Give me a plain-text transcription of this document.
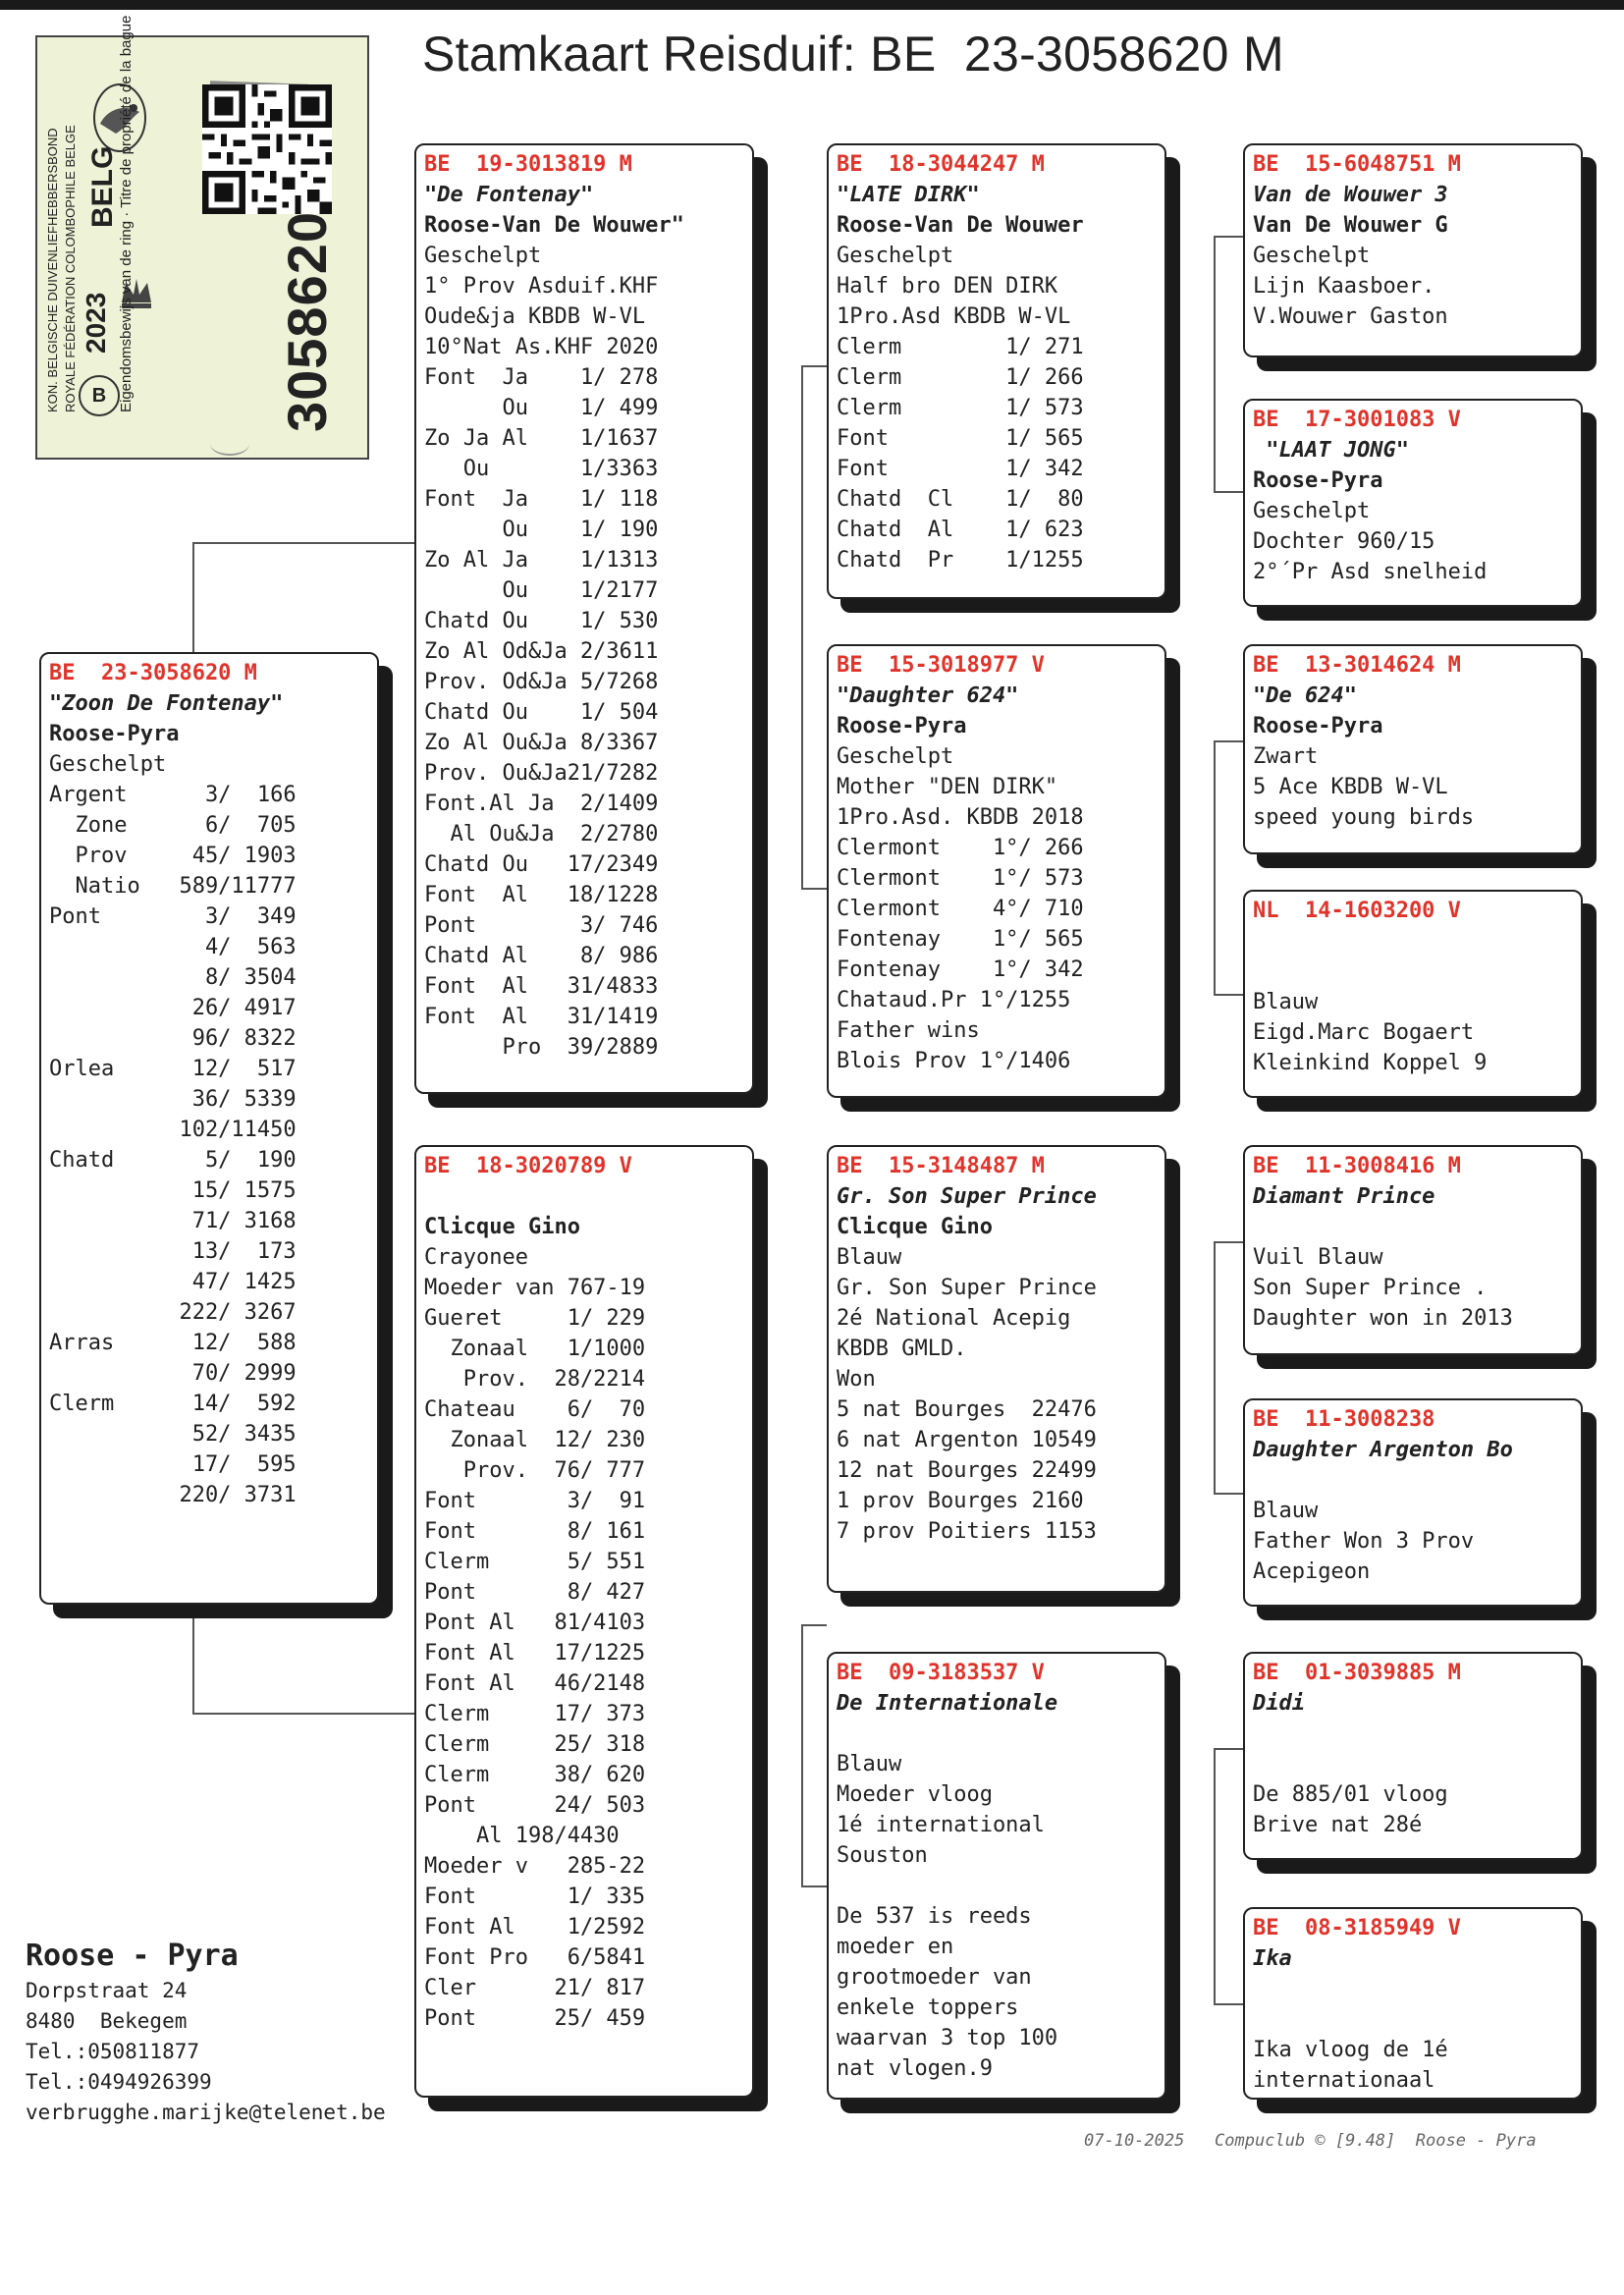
Stamkaart Reisduif: BE  23-3058620 M
B
KON. BELGISCHE DUIVENLIEFHEBBERSBOND ROYALE FÉDÉRATION COLOMBOPHILE BELGE 2023
BELG Eigendomsbewijs van de ring · Titre de propriété de la bague	3058620
BE  23-3058620 M
"Zoon De Fontenay"
Roose-Pyra
Geschelpt
Argent      3/  166
Zone      6/  705
Prov     45/ 1903
Natio   589/11777
Pont        3/  349
4/  563
8/ 3504
26/ 4917
96/ 8322
Orlea      12/  517
36/ 5339
102/11450
Chatd       5/  190
15/ 1575
71/ 3168
13/  173
47/ 1425
222/ 3267
Arras      12/  588
70/ 2999
Clerm      14/  592
52/ 3435
17/  595
220/ 3731
BE  19-3013819 M
"De Fontenay"
Roose-Van De Wouwer"
Geschelpt
1° Prov Asduif.KHF
Oude&ja KBDB W-VL
10°Nat As.KHF 2020
Font  Ja    1/ 278
Ou    1/ 499
Zo Ja Al    1/1637
Ou       1/3363
Font  Ja    1/ 118
Ou    1/ 190
Zo Al Ja    1/1313
Ou    1/2177
Chatd Ou    1/ 530
Zo Al Od&Ja 2/3611
Prov. Od&Ja 5/7268
Chatd Ou    1/ 504
Zo Al Ou&Ja 8/3367
Prov. Ou&Ja21/7282
Font.Al Ja  2/1409
Al Ou&Ja  2/2780
Chatd Ou   17/2349
Font  Al   18/1228
Pont        3/ 746
Chatd Al    8/ 986
Font  Al   31/4833
Font  Al   31/1419
Pro  39/2889
BE  18-3020789 V
Clicque Gino
Crayonee
Moeder van 767-19
Gueret     1/ 229
Zonaal   1/1000
Prov.  28/2214
Chateau    6/  70
Zonaal  12/ 230
Prov.  76/ 777
Font       3/  91
Font       8/ 161
Clerm      5/ 551
Pont       8/ 427
Pont Al   81/4103
Font Al   17/1225
Font Al   46/2148
Clerm     17/ 373
Clerm     25/ 318
Clerm     38/ 620
Pont      24/ 503
Al 198/4430
Moeder v   285-22
Font       1/ 335
Font Al    1/2592
Font Pro   6/5841
Cler      21/ 817
Pont      25/ 459
BE  18-3044247 M
"LATE DIRK"
Roose-Van De Wouwer
Geschelpt
Half bro DEN DIRK
1Pro.Asd KBDB W-VL
Clerm        1/ 271
Clerm        1/ 266
Clerm        1/ 573
Font         1/ 565
Font         1/ 342
Chatd  Cl    1/  80
Chatd  Al    1/ 623
Chatd  Pr    1/1255
BE  15-3018977 V
"Daughter 624"
Roose-Pyra
Geschelpt
Mother "DEN DIRK"
1Pro.Asd. KBDB 2018
Clermont    1°/ 266
Clermont    1°/ 573
Clermont    4°/ 710
Fontenay    1°/ 565
Fontenay    1°/ 342
Chataud.Pr 1°/1255
Father wins
Blois Prov 1°/1406
BE  15-3148487 M
Gr. Son Super Prince
Clicque Gino
Blauw
Gr. Son Super Prince
2é National Acepig
KBDB GMLD.
Won
5 nat Bourges  22476
6 nat Argenton 10549
12 nat Bourges 22499
1 prov Bourges 2160
7 prov Poitiers 1153
BE  09-3183537 V
De Internationale
Blauw
Moeder vloog
1é international
Souston
De 537 is reeds
moeder en
grootmoeder van
enkele toppers
waarvan 3 top 100
nat vlogen.9
BE  15-6048751 M
Van de Wouwer 3
Van De Wouwer G
Geschelpt
Lijn Kaasboer.
V.Wouwer Gaston
BE  17-3001083 V
"LAAT JONG"
Roose-Pyra
Geschelpt
Dochter 960/15
2°´Pr Asd snelheid
BE  13-3014624 M
"De 624"
Roose-Pyra
Zwart
5 Ace KBDB W-VL
speed young birds
NL  14-1603200 V
Blauw
Eigd.Marc Bogaert
Kleinkind Koppel 9
BE  11-3008416 M
Diamant Prince
Vuil Blauw
Son Super Prince .
Daughter won in 2013
BE  11-3008238
Daughter Argenton Bo
Blauw
Father Won 3 Prov
Acepigeon
BE  01-3039885 M
Didi
De 885/01 vloog
Brive nat 28é
BE  08-3185949 V
Ika
Ika vloog de 1é
internationaal
Roose - Pyra
Dorpstraat 24
8480  Bekegem
Tel.:050811877
Tel.:0494926399
verbrugghe.marijke@telenet.be
07-10-2025   Compuclub © [9.48]  Roose - Pyra
